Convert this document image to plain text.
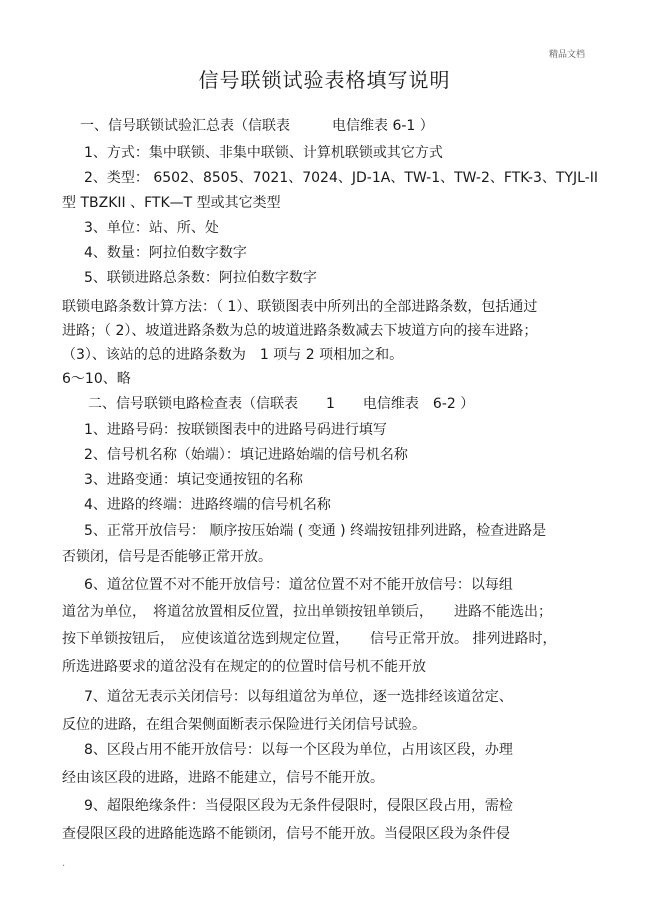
精品文档
信号联锁试验表格填写说明
一、信号联锁试验汇总表（信联表　　　电信维表 6-1 ）
1、方式：集中联锁、非集中联锁、计算机联锁或其它方式
2、类型： 6502、8505、7021、7024、JD-1A、TW-1、TW-2、FTK-3、TYJL-II
型 TBZKII 、FTK—T 型或其它类型
3、单位：站、所、处
4、数量：阿拉伯数字数字
5、联锁进路总条数：阿拉伯数字数字
联锁电路条数计算方法：（ 1）、联锁图表中所列出的全部进路条数，包括通过
进路；（ 2）、坡道进路条数为总的坡道进路条数减去下坡道方向的接车进路；
（3）、该站的总的进路条数为　1 项与 2 项相加之和。
6～10、略
二、信号联锁电路检查表（信联表　　1　　电信维表　6-2 ）
1、进路号码：按联锁图表中的进路号码进行填写
2、信号机名称（始端）：填记进路始端的信号机名称
3、进路变通：填记变通按钮的名称
4、进路的终端：进路终端的信号机名称
5、正常开放信号： 顺序按压始端 ( 变通 ) 终端按钮排列进路，检查进路是
否锁闭，信号是否能够正常开放。
6、道岔位置不对不能开放信号：道岔位置不对不能开放信号：以每组
道岔为单位，　将道岔放置相反位置，拉出单锁按钮单锁后，　　进路不能选出；
按下单锁按钮后，　应使该道岔选到规定位置，　　信号正常开放。 排列进路时，
所选进路要求的道岔没有在规定的的位置时信号机不能开放
7、道岔无表示关闭信号：以每组道岔为单位，逐一选排经该道岔定、
反位的进路，在组合架侧面断表示保险进行关闭信号试验。
8、区段占用不能开放信号：以每一个区段为单位，占用该区段，办理
经由该区段的进路，进路不能建立，信号不能开放。
9、超限绝缘条件：当侵限区段为无条件侵限时，侵限区段占用，需检
查侵限区段的进路能选路不能锁闭，信号不能开放。当侵限区段为条件侵
.
